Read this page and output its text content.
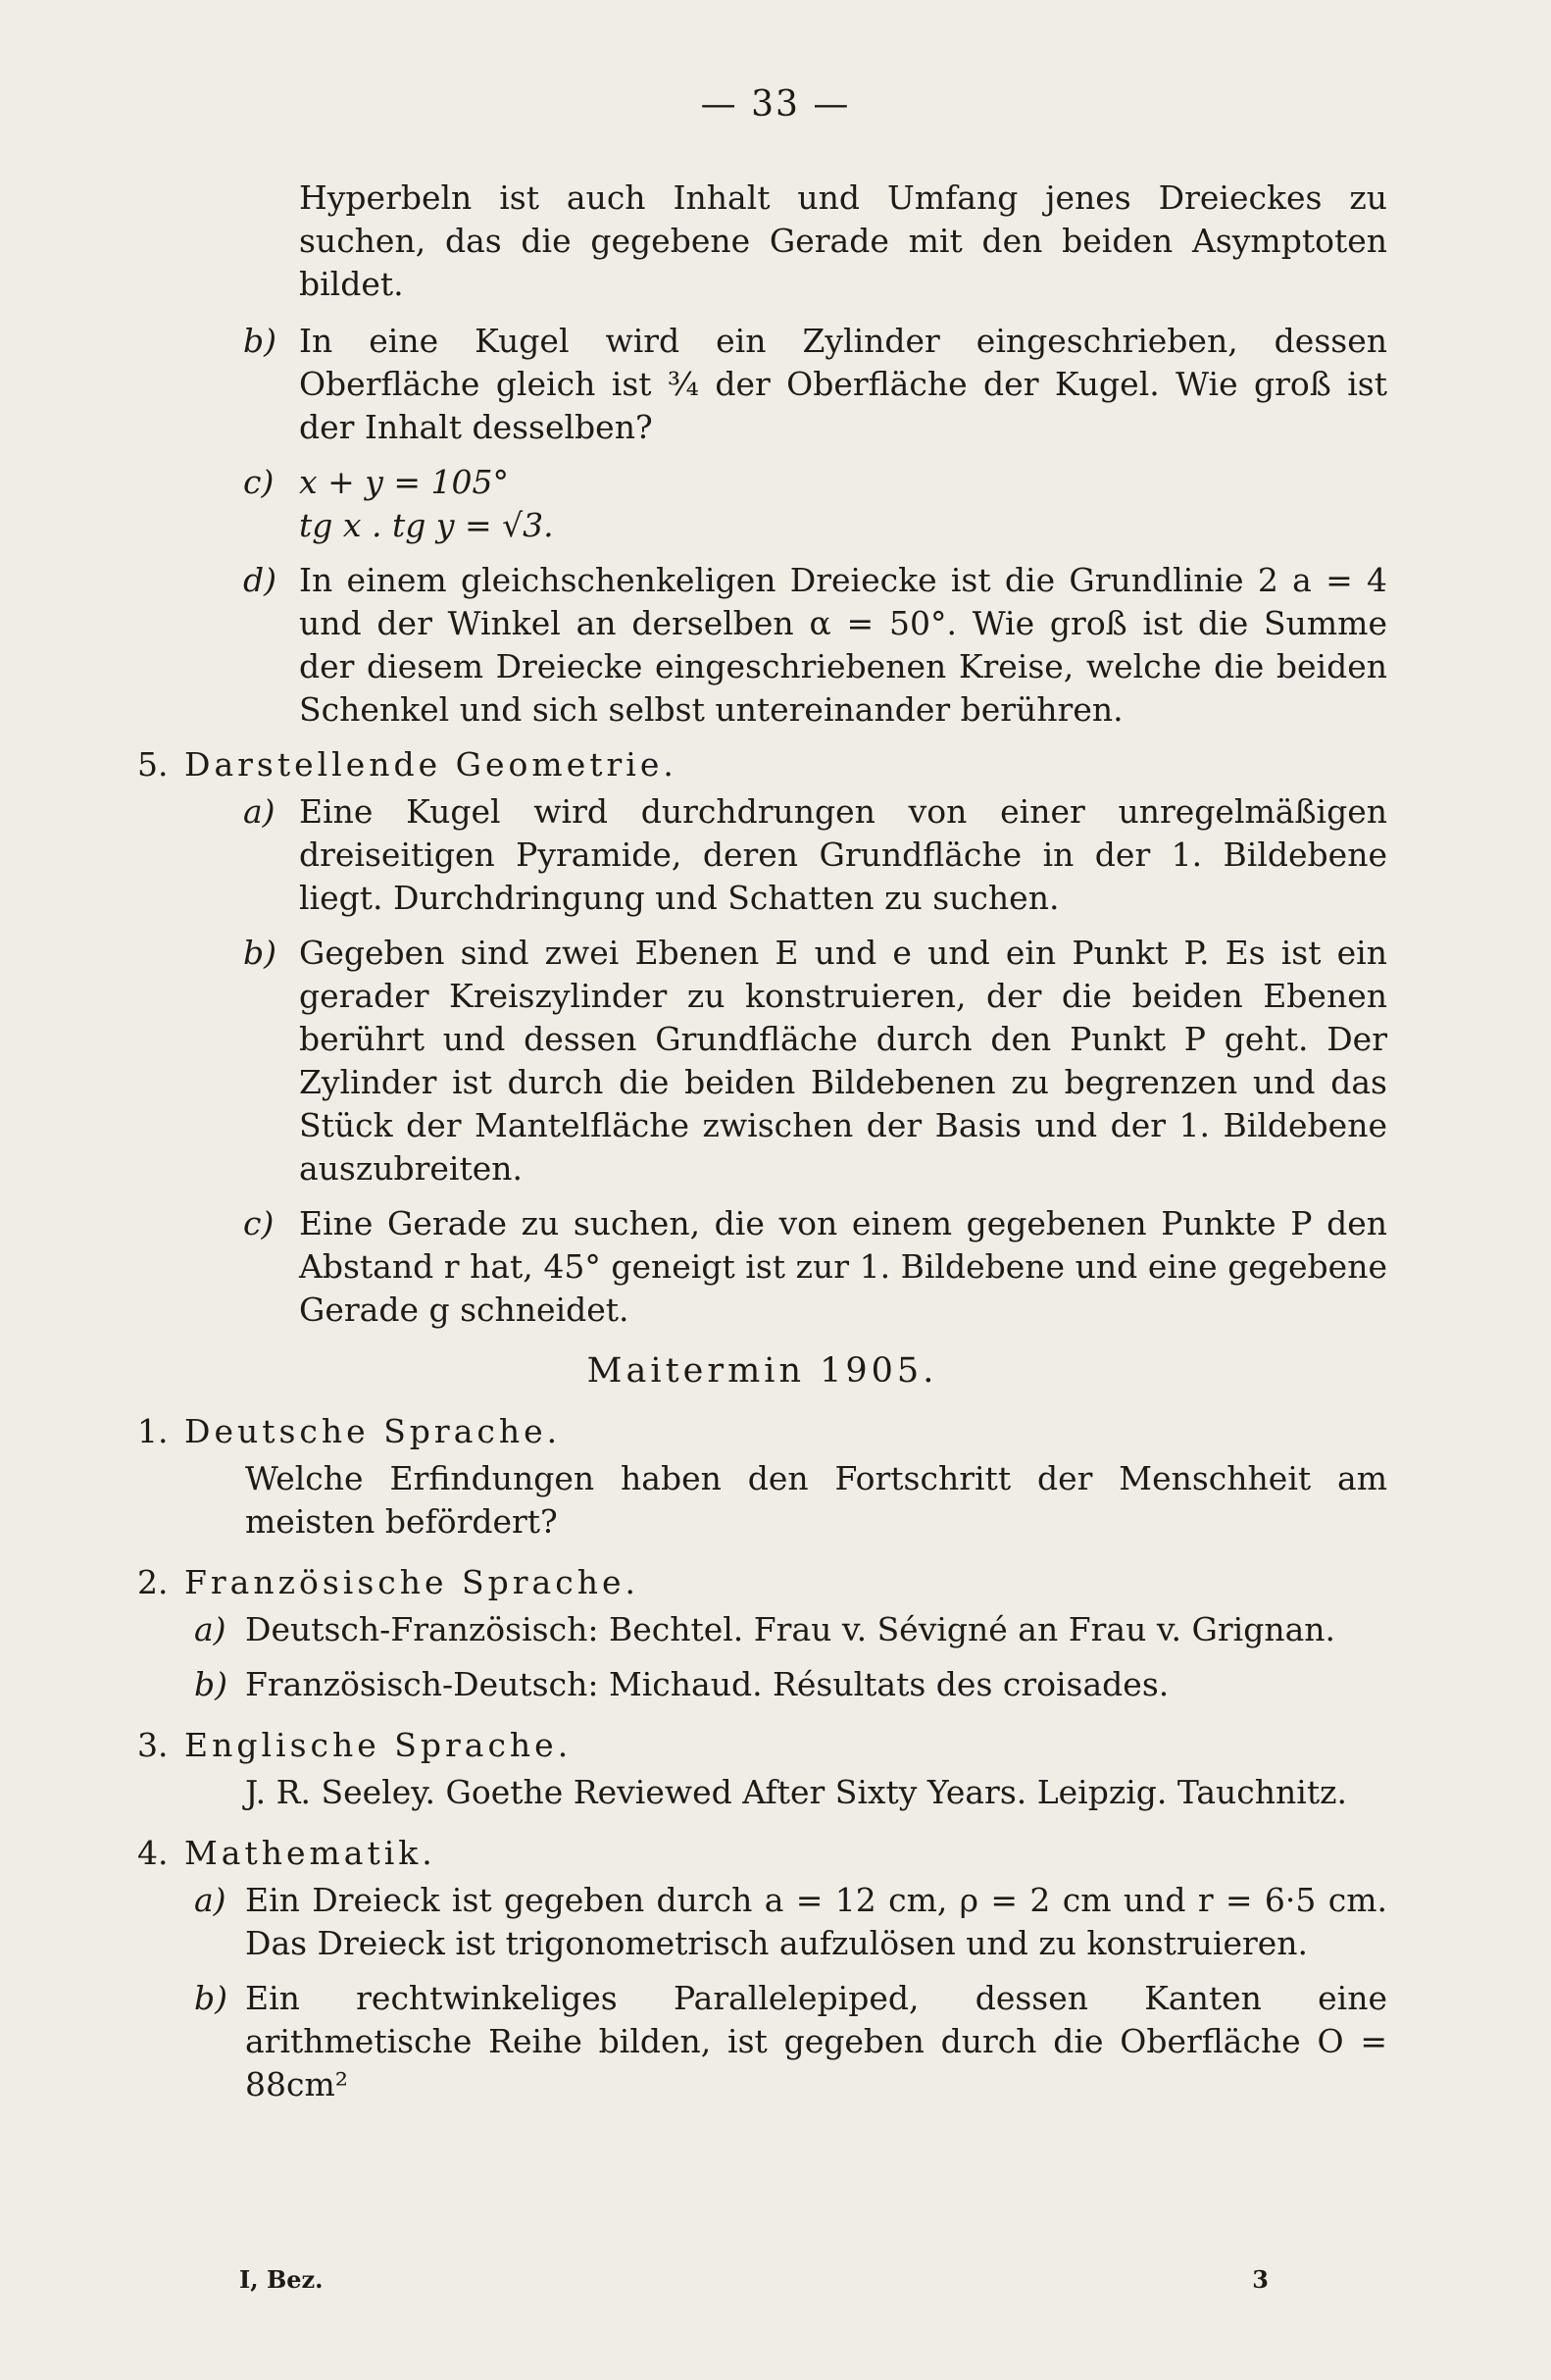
— 33 —

Hyperbeln ist auch Inhalt und Umfang jenes Dreieckes zu suchen, das die gegebene Gerade mit den beiden Asymptoten bildet.

b) In eine Kugel wird ein Zylinder eingeschrieben, dessen Oberfläche gleich ist ¾ der Oberfläche der Kugel. Wie groß ist der Inhalt desselben?
c) x + y = 105°
tg x . tg y = √3.
d) In einem gleichschenkeligen Dreiecke ist die Grundlinie 2 a = 4 und der Winkel an derselben α = 50°. Wie groß ist die Summe der diesem Dreiecke eingeschriebenen Kreise, welche die beiden Schenkel und sich selbst untereinander berühren.
5. Darstellende Geometrie.
a) Eine Kugel wird durchdrungen von einer unregelmäßigen dreiseitigen Pyramide, deren Grundfläche in der 1. Bildebene liegt. Durchdringung und Schatten zu suchen.
b) Gegeben sind zwei Ebenen E und e und ein Punkt P. Es ist ein gerader Kreiszylinder zu konstruieren, der die beiden Ebenen berührt und dessen Grundfläche durch den Punkt P geht. Der Zylinder ist durch die beiden Bildebenen zu begrenzen und das Stück der Mantelfläche zwischen der Basis und der 1. Bildebene auszubreiten.
c) Eine Gerade zu suchen, die von einem gegebenen Punkte P den Abstand r hat, 45° geneigt ist zur 1. Bildebene und eine gegebene Gerade g schneidet.
Maitermin 1905.
1. Deutsche Sprache.

Welche Erfindungen haben den Fortschritt der Menschheit am meisten befördert?

2. Französische Sprache.
a) Deutsch-Französisch: Bechtel. Frau v. Sévigné an Frau v. Grignan.
b) Französisch-Deutsch: Michaud. Résultats des croisades.
3. Englische Sprache.

J. R. Seeley. Goethe Reviewed After Sixty Years. Leipzig. Tauchnitz.

4. Mathematik.
a) Ein Dreieck ist gegeben durch a = 12 cm, ρ = 2 cm und r = 6·5 cm. Das Dreieck ist trigonometrisch aufzulösen und zu konstruieren.
b) Ein rechtwinkeliges Parallelepiped, dessen Kanten eine arithmetische Reihe bilden, ist gegeben durch die Oberfläche O = 88cm²
I, Bez.	3
